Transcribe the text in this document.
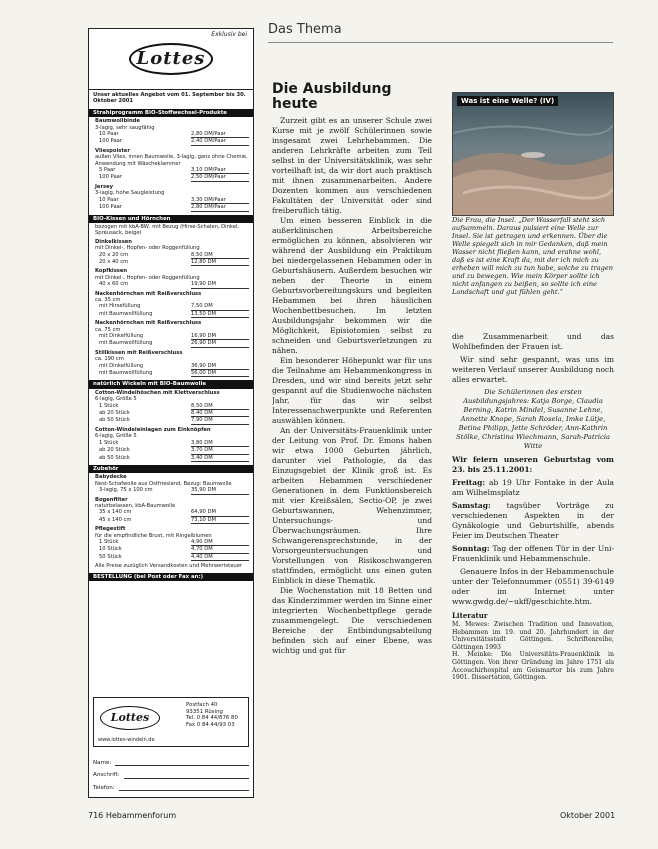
Das Thema
Exklusiv bei
Lottes
Unser aktuelles Angebot vom 01. September bis 30. Oktober 2001
Strahlprogramm BIO-Stoffwechsel-Produkte
Baumwollbinde
3-lagig, sehr saugfähig
10 Paar	2,80 DM/Paar
100 Paar	2,40 DM/Paar
Vliespolster
außen Vlies, innen Baumwolle, 3-lagig, ganz ohne Chemie, Anwendung mit Wäscheklammer
5 Paar	3,10 DM/Paar
100 Paar	2,50 DM/Paar
Jersey
3-lagig, hohe Saugleistung
10 Paar	3,30 DM/Paar
100 Paar	2,80 DM/Paar
BIO-Kissen und Hörnchen
bezogen mit kbA-BW, mit Bezug (Hirse-Schalen, Dinkel, Spreusack, beige)
Dinkelkissen
mit Dinkel-, Hopfen- oder Roggenfüllung
20 x 20 cm	8,50 DM
20 x 40 cm	12,80 DM
Kopfkissen
mit Dinkel-, Hopfen- oder Roggenfüllung
40 x 60 cm	19,90 DM
Nackenhörnchen mit Reißverschluss
ca. 35 cm
mit Hirsefüllung	7,50 DM
mit Baumwollfüllung	13,50 DM
Nackenhörnchen mit Reißverschluss
ca. 75 cm
mit Dinkelfüllung	16,90 DM
mit Baumwollfüllung	26,90 DM
Stillkissen mit Reißverschluss
ca. 190 cm
mit Dinkelfüllung	36,90 DM
mit Baumwollfüllung	56,00 DM
natürlich Wickeln mit BIO-Baumwolle
Cotton-Windelhöschen mit Klettverschluss
6-lagig, Größe 5
1 Stück	8,50 DM
ab 20 Stück	8,40 DM
ab 50 Stück	7,90 DM
Cotton-Windeleinlagen zum Einknöpfen
6-lagig, Größe 5
1 Stück	3,80 DM
ab 20 Stück	3,70 DM
ab 50 Stück	3,40 DM
Zubehör
Babydecke
Nest-Schafwolle aus Ostfriesland, Bezug: Baumwolle
3-lagig, 75 x 100 cm	35,90 DM
Bogenfilter
naturbelassen, kbA-Baumwolle
35 x 140 cm	64,90 DM
45 x 140 cm	73,10 DM
Pflegestift
für die empfindliche Brust, mit Ringelblumen
1 Stück	4,90 DM
10 Stück	4,70 DM
50 Stück	4,40 DM
Alle Preise zuzüglich Versandkosten und Mehrwertsteuer
BESTELLUNG (bei Post oder Fax an:)
Lottes
Postfach 40
93351 Rüsing
Tel. 0 84 44/876 80
Fax 0 84 44/93 03
www.lottes-windeln.de
Name:
Anschrift:
Telefon:
Die Ausbildung heute

Zurzeit gibt es an unserer Schule zwei Kurse mit je zwölf Schülerinnen sowie insgesamt zwei Lehrhebammen. Die anderen Lehrkräfte arbeiten zum Teil selbst in der Universitätsklinik, was sehr vorteilhaft ist, da wir dort auch praktisch mit ihnen zusammenarbeiten. Andere Dozenten kommen aus verschiedenen Fakultäten der Universität oder sind freiberuflich tätig.

Um einen besseren Einblick in die außerklinischen Arbeitsbereiche ermöglichen zu können, absolvieren wir während der Ausbildung ein Praktikum bei niedergelassenen Hebammen oder in Geburtshäusern. Außerdem besuchen wir neben der Theorie in einem Geburtsvorbereitungskurs und begleiten Hebammen bei ihren häuslichen Wochenbettbesuchen. Im letzten Ausbildungsjahr bekommen wir die Möglichkeit, Episiotomien selbst zu schneiden und Geburtsverletzungen zu nähen.

Ein besonderer Höhepunkt war für uns die Teilnahme am Hebammenkongress in Dresden, und wir sind bereits jetzt sehr gespannt auf die Studienwoche nächsten Jahr, für das wir selbst Interessenschwerpunkte und Referenten auswählen können.

An der Universitäts-Frauenklinik unter der Leitung von Prof. Dr. Emons haben wir etwa 1000 Geburten jährlich, darunter viel Pathologie, da das Einzugsgebiet der Klinik groß ist. Es arbeiten Hebammen verschiedener Generationen in dem Funktionsbereich mit vier Kreißsälen, Sectio-OP, je zwei Geburtswannen, Wehenzimmer, Untersuchungs- und Überwachungsräumen. Ihre Schwangerensprechstunde, in der Vorsorgeuntersuchungen und Vorstellungen von Risikoschwangeren stattfinden, ermöglicht uns einen guten Einblick in diese Thematik.

Die Wochenstation mit 18 Betten und das Kinderzimmer werden im Sinne einer integrierten Wochenbettpflege gerade zusammengelegt. Die verschiedenen Bereiche der Entbindungsabteilung befinden sich auf einer Ebene, was wichtig und gut für

Was ist eine Welle? (IV)
Die Frau, die Insel. „Der Wasserfall steht sich aufsammeln. Daraus pulsiert eine Welle zur Insel. Sie ist getragen und erkennen. Über die Welle spiegelt sich in mir Gedanken, daß mein Wasser nicht fließen kann, und erahne wohl, daß es ist eine Kraft da, mit der ich mich zu erheben will mich zu tun habe, solche zu tragen und zu bewegen. Wie mein Körper sollte ich nicht anfangen zu beißen, so sollte ich eine Landschaft und gut fühlen geht.“

die Zusammenarbeit und das Wohlbefinden der Frauen ist.

Wir sind sehr gespannt, was uns im weiteren Verlauf unserer Ausbildung noch alles erwartet.

Die Schülerinnen des ersten Ausbildungsjahres: Katja Borge, Claudia Berning, Katrin Mindel, Susanne Lehne, Annette Knope, Sarah Rosela, Imke Lütje, Betina Philipp, Jette Schröder, Ann-Kathrin Stölke, Christina Wiechmann, Sarah-Patricia Witte

Wir feiern unseren Geburtstag vom 23. bis 25.11.2001:

Freitag: ab 19 Uhr Fontake in der Aula am Wilhelmsplatz

Samstag: tagsüber Vorträge zu verschiedenen Aspekten in der Gynäkologie und Geburtshilfe, abends Feier im Deutschen Theater

Sonntag: Tag der offenen Tür in der Uni-Frauenklinik und Hebammenschule.

Genauere Infos in der Hebammenschule unter der Telefonnummer (0551) 39-6149 oder im Internet unter www.gwdg.de/~ukff/geschichte.htm.

Literatur
M. Mewes: Zwischen Tradition und Innovation, Hebammen im 19. und 20. Jahrhundert in der Universitätsstadt Göttingen. Schriftenreihe, Göttingen 1993
H. Meinke: Die Universitäts-Frauenklinik in Göttingen. Von ihrer Gründung im Jahre 1751 als Accouchirhospital am Geismartor bis zum Jahre 1901. Dissertation, Göttingen.
716 Hebammenforum	Oktober 2001
